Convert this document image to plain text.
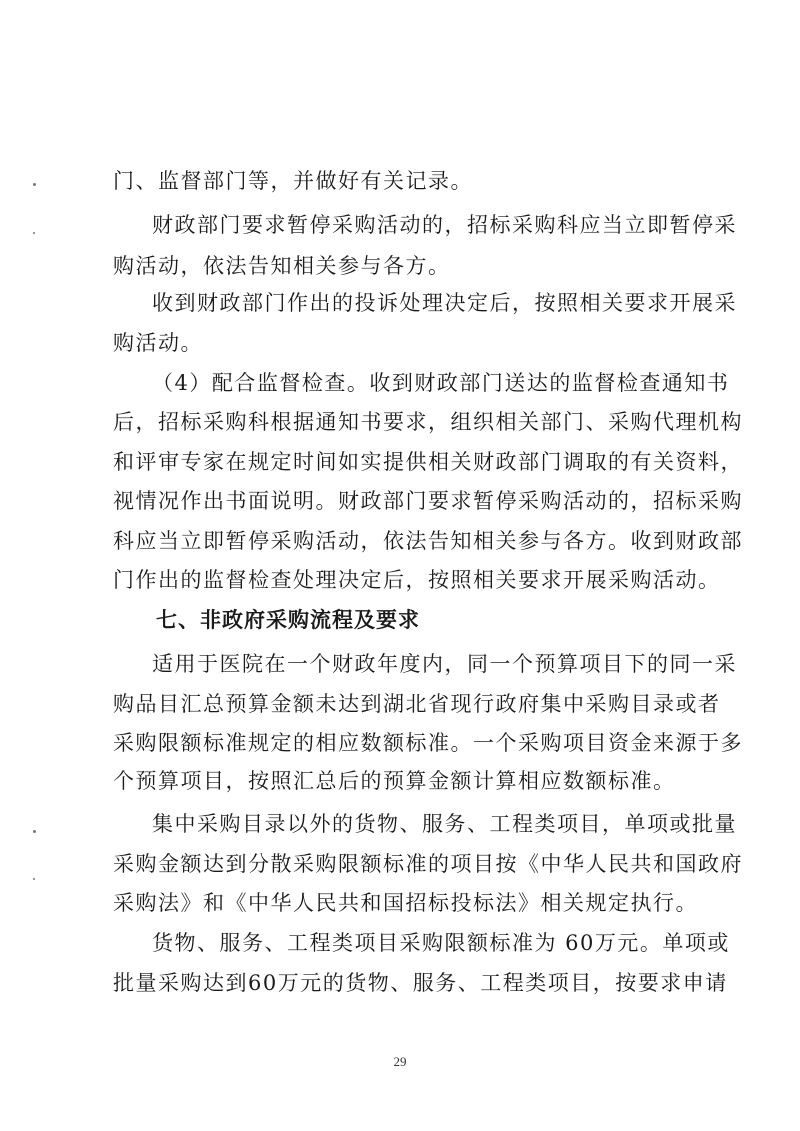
门、监督部门等，并做好有关记录。
财政部门要求暂停采购活动的，招标采购科应当立即暂停采
购活动，依法告知相关参与各方。
收到财政部门作出的投诉处理决定后，按照相关要求开展采
购活动。
（4）配合监督检查。收到财政部门送达的监督检查通知书
后，招标采购科根据通知书要求，组织相关部门、采购代理机构
和评审专家在规定时间如实提供相关财政部门调取的有关资料，
视情况作出书面说明。财政部门要求暂停采购活动的，招标采购
科应当立即暂停采购活动，依法告知相关参与各方。收到财政部
门作出的监督检查处理决定后，按照相关要求开展采购活动。
七、非政府采购流程及要求
适用于医院在一个财政年度内，同一个预算项目下的同一采
购品目汇总预算金额未达到湖北省现行政府集中采购目录或者
采购限额标准规定的相应数额标准。一个采购项目资金来源于多
个预算项目，按照汇总后的预算金额计算相应数额标准。
集中采购目录以外的货物、服务、工程类项目，单项或批量
采购金额达到分散采购限额标准的项目按《中华人民共和国政府
采购法》和《中华人民共和国招标投标法》相关规定执行。
货物、服务、工程类项目采购限额标准为 60万元。单项或
批量采购达到60万元的货物、服务、工程类项目，按要求申请
29
